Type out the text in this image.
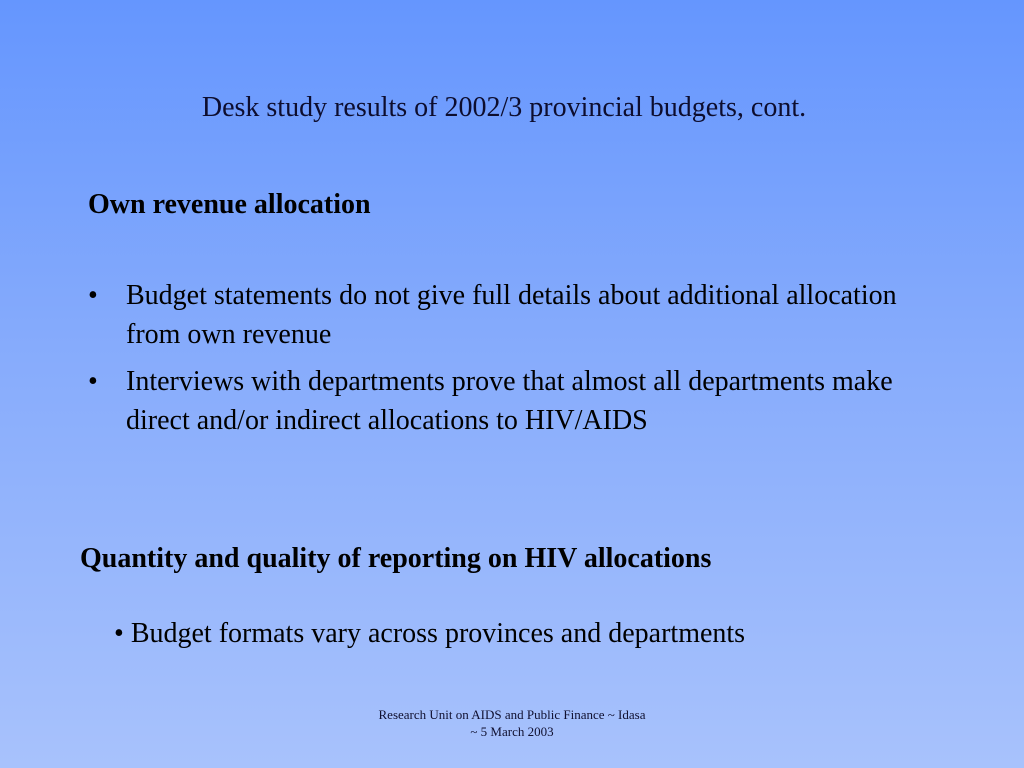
Desk study results of 2002/3 provincial budgets, cont.
Own revenue allocation
• Budget statements do not give full details about additional allocation from own revenue
• Interviews with departments prove that almost all departments make direct and/or indirect allocations to HIV/AIDS
Quantity and quality of reporting on HIV allocations
• Budget formats vary across provinces and departments
Research Unit on AIDS and Public Finance ~ Idasa
~ 5 March 2003
